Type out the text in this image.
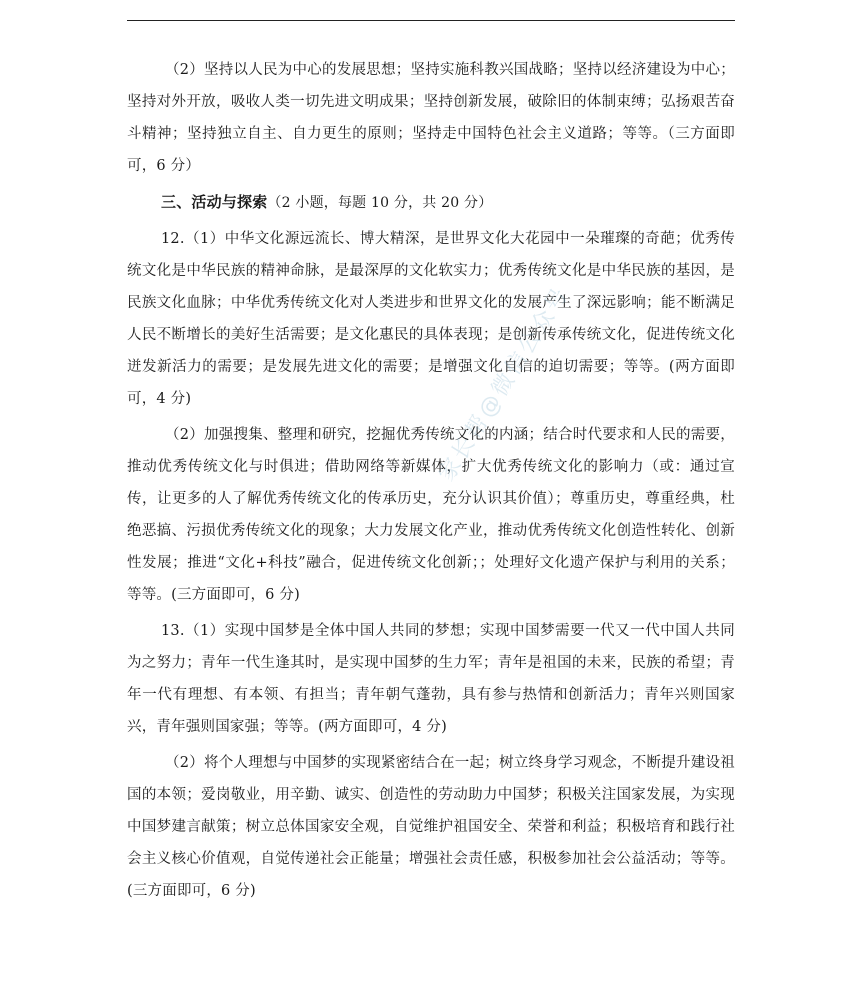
（2）坚持以人民为中心的发展思想；坚持实施科教兴国战略；坚持以经济建设为中心；坚持对外开放，吸收人类一切先进文明成果；坚持创新发展，破除旧的体制束缚；弘扬艰苦奋斗精神；坚持独立自主、自力更生的原则；坚持走中国特色社会主义道路；等等。（三方面即可，6 分）

三、活动与探索（2 小题，每题 10 分，共 20 分）

12.（1）中华文化源远流长、博大精深，是世界文化大花园中一朵璀璨的奇葩；优秀传统文化是中华民族的精神命脉，是最深厚的文化软实力；优秀传统文化是中华民族的基因，是民族文化血脉；中华优秀传统文化对人类进步和世界文化的发展产生了深远影响；能不断满足人民不断增长的美好生活需要；是文化惠民的具体表现；是创新传承传统文化，促进传统文化迸发新活力的需要；是发展先进文化的需要；是增强文化自信的迫切需要；等等。(两方面即可，4 分)

（2）加强搜集、整理和研究，挖掘优秀传统文化的内涵；结合时代要求和人民的需要，推动优秀传统文化与时俱进；借助网络等新媒体，扩大优秀传统文化的影响力（或：通过宣传，让更多的人了解优秀传统文化的传承历史，充分认识其价值）；尊重历史，尊重经典，杜绝恶搞、污损优秀传统文化的现象；大力发展文化产业，推动优秀传统文化创造性转化、创新性发展；推进“文化+科技”融合，促进传统文化创新；；处理好文化遗产保护与利用的关系；等等。(三方面即可，6 分)

13.（1）实现中国梦是全体中国人共同的梦想；实现中国梦需要一代又一代中国人共同为之努力；青年一代生逢其时，是实现中国梦的生力军；青年是祖国的未来，民族的希望；青年一代有理想、有本领、有担当；青年朝气蓬勃，具有参与热情和创新活力；青年兴则国家兴，青年强则国家强；等等。(两方面即可，4 分)

（2）将个人理想与中国梦的实现紧密结合在一起；树立终身学习观念，不断提升建设祖国的本领；爱岗敬业，用辛勤、诚实、创造性的劳动助力中国梦；积极关注国家发展，为实现中国梦建言献策；树立总体国家安全观，自觉维护祖国安全、荣誉和利益；积极培育和践行社会主义核心价值观，自觉传递社会正能量；增强社会责任感，积极参加社会公益活动；等等。(三方面即可，6 分)

家长帮@微信公众号
